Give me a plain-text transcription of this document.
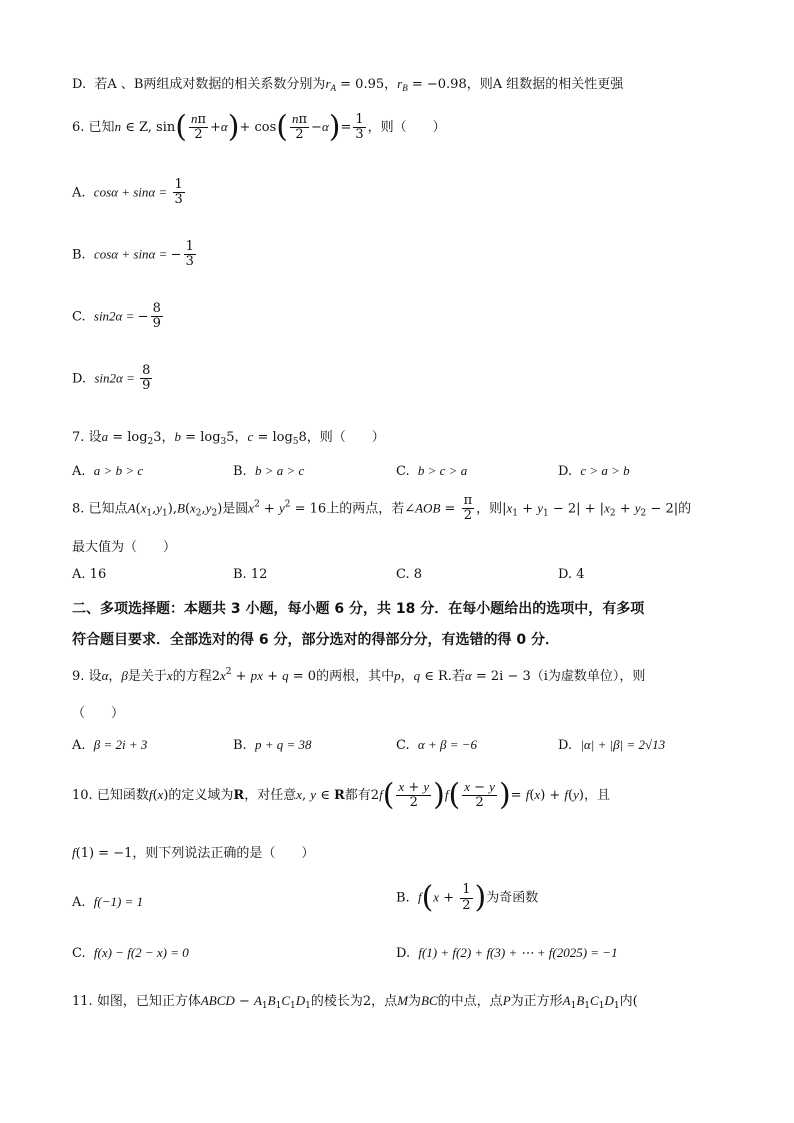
D. 若A 、B两组成对数据的相关系数分别为$r_A = 0.95$，$r_B = -0.98$，则A 组数据的相关性更强
6. 已知n ∈ Z, $\sin( \frac{n\pi}{2} +\alpha)+ \cos( \frac{n\pi}{2} -\alpha)= \frac{1}{3}$ ，则（　　）
A. $\cos\alpha + \sin\alpha = \frac{1}{3}$
B. cosα + sinα = − $\frac{1}{3}$
C. sin2α = − $\frac{8}{9}$
D. $\sin 2\alpha = \frac{8}{9}$
7. 设$a = \log_23$，$b = \log_35$，$c = \log_58$，则（　　）
A. a > b > c	B. b > a > c	C. b > c > a	D. c > a > b
8. 已知点$A(x_1,y_1),B(x_2,y_2)$是圆$x^2 + y^2 = 16$上的两点，若∠AOB = $\frac{\pi}{2}$ ，则$|x_1 + y_1 - 2| + |x_2 + y_2 - 2|$的
最大值为（　　）
A. 16	B. 12	C. 8	D. 4
二、多项选择题：本题共 3 小题，每小题 6 分，共 18 分．在每小题给出的选项中，有多项
符合题目要求．全部选对的得 6 分，部分选对的得部分分，有选错的得 0 分．
9. 设α，β是关于x的方程$2x^2$ + px + q = 0的两根，其中p，q ∈ R.若α = 2i − 3（i为虚数单位），则
（　　）
A. β = 2i + 3	B. p + q = 38	C. α + β = −6	D. |α| + |β| = 2√13
10. 已知函数f(x)的定义域为R，对任意x, y ∈ R都有$2f( \frac{x + y}{2} )f( \frac{x - y}{2}$ )= f(x) + f(y)，且
f(1) = −1，则下列说法正确的是（　　）
A. f(−1) = 1	B. $f(x + \frac{1}{2}$ )为奇函数
C. f(x) − f(2 − x) = 0	D. f(1) + f(2) + f(3) + ⋯ + f(2025) = −1
11. 如图，已知正方体ABCD − $A_1B_1C_1D_1$的棱长为2，点M为BC的中点，点P为正方形$A_1B_1C_1D_1$内(
